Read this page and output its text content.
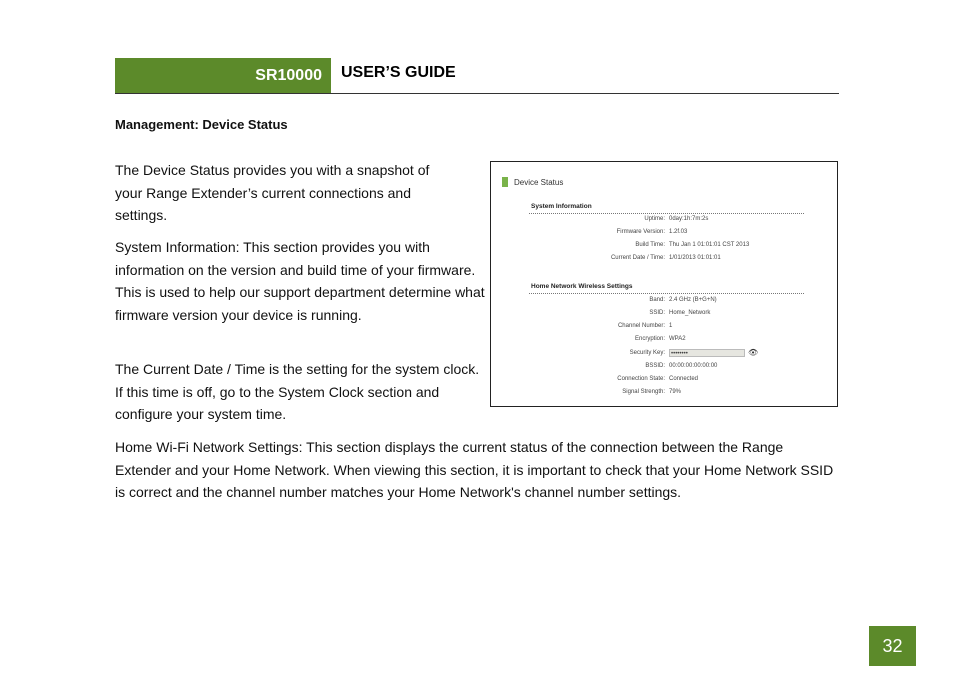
SR10000 USER’S GUIDE
Management: Device Status
The Device Status provides you with a snapshot of your Range Extender’s current connections and settings.
System Information: This section provides you with information on the version and build time of your firmware. This is used to help our support department determine what firmware version your device is running.
The Current Date / Time is the setting for the system clock. If this time is off, go to the System Clock section and configure your system time.
Home Wi-Fi Network Settings: This section displays the current status of the connection between the Range Extender and your Home Network. When viewing this section, it is important to check that your Home Network SSID is correct and the channel number matches your Home Network's channel number settings.
Device Status
System Information
Uptime: 0day:1h:7m:2s
Firmware Version: 1.2f.03
Build Time: Thu Jan 1 01:01:01 CST 2013
Current Date / Time: 1/01/2013 01:01:01
Home Network Wireless Settings
Band: 2.4 GHz (B+G+N)
SSID: Home_Network
Channel Number: 1
Encryption: WPA2
Security Key:	••••••••	👁
BSSID: 00:00:00:00:00:00
Connection State: Connected
Signal Strength: 79%
32
